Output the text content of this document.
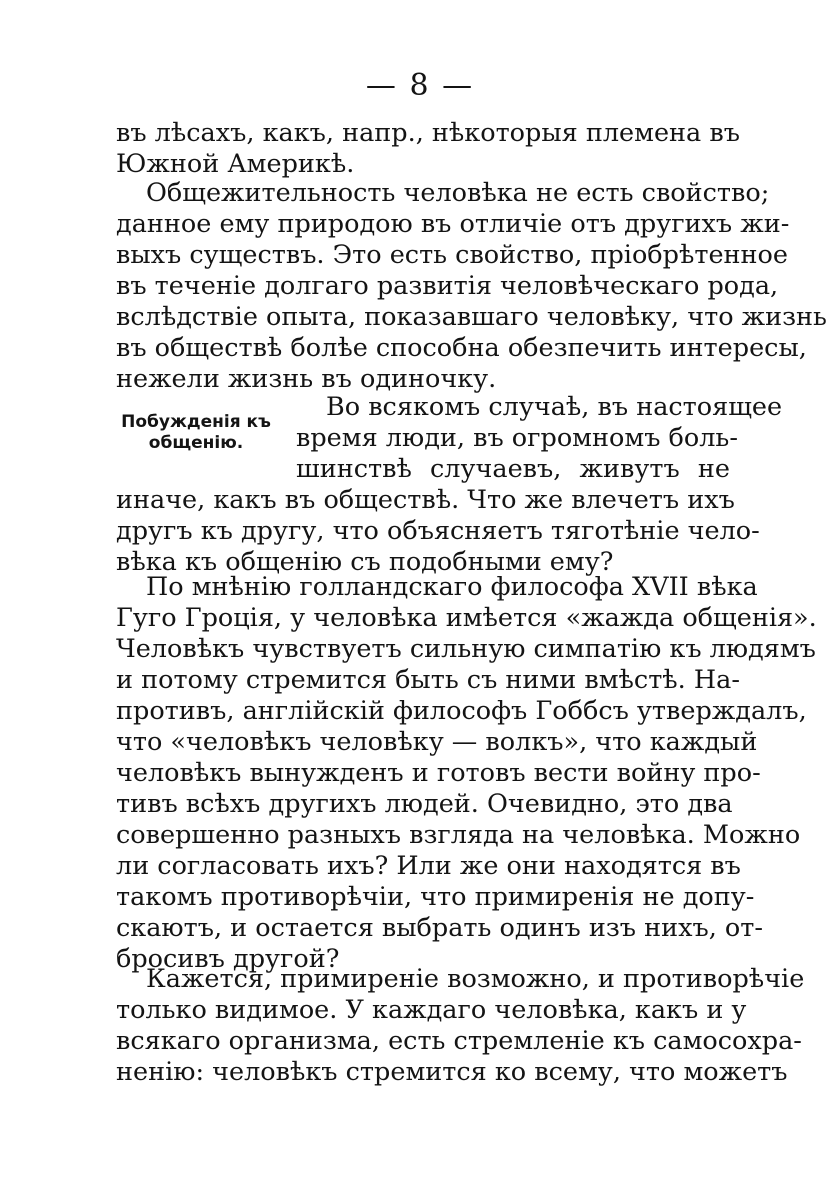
— 8 —
Побужденія къ
общенію.
въ лѣсахъ, какъ, напр., нѣкоторыя племена въ
Южной Америкѣ.
Общежительность человѣка не есть свойство;
данное ему природою въ отличіе отъ другихъ жи-
выхъ существъ. Это есть свойство, пріобрѣтенное
въ теченіе долгаго развитія человѣческаго рода,
вслѣдствіе опыта, показавшаго человѣку, что жизнь
въ обществѣ болѣе способна обезпечить интересы,
нежели жизнь въ одиночку.
Во всякомъ случаѣ, въ настоящее
время люди, въ огромномъ боль-
шинствѣ случаевъ, живутъ не
иначе, какъ въ обществѣ. Что же влечетъ ихъ
другъ къ другу, что объясняетъ тяготѣніе чело-
вѣка къ общенію съ подобными ему?
По мнѣнію голландскаго философа XVII вѣка
Гуго Гроція, у человѣка имѣется «жажда общенія».
Человѣкъ чувствуетъ сильную симпатію къ людямъ
и потому стремится быть съ ними вмѣстѣ. На-
противъ, англійскій философъ Гоббсъ утверждалъ,
что «человѣкъ человѣку — волкъ», что каждый
человѣкъ вынужденъ и готовъ вести войну про-
тивъ всѣхъ другихъ людей. Очевидно, это два
совершенно разныхъ взгляда на человѣка. Можно
ли согласовать ихъ? Или же они находятся въ
такомъ противорѣчіи, что примиренія не допу-
скаютъ, и остается выбрать одинъ изъ нихъ, от-
бросивъ другой?
Кажется, примиреніе возможно, и противорѣчіе
только видимое. У каждаго человѣка, какъ и у
всякаго организма, есть стремленіе къ самосохра-
ненію: человѣкъ стремится ко всему, что можетъ
